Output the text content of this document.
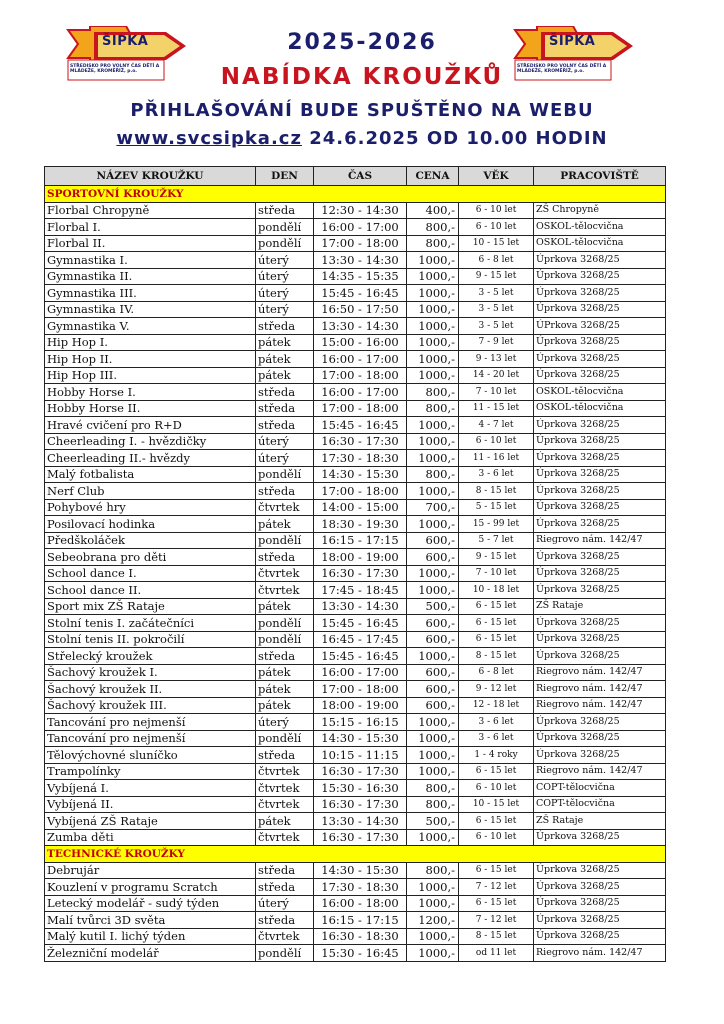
ŠIPKA
STŘEDISKO PRO VOLNÝ ČAS DĚTÍ A MLÁDEŽE, KROMĚŘÍŽ, p.o.
ŠIPKA
STŘEDISKO PRO VOLNÝ ČAS DĚTÍ A MLÁDEŽE, KROMĚŘÍŽ, p.o.
2025-2026
NABÍDKA KROUŽKŮ
PŘIHLAŠOVÁNÍ BUDE SPUŠTĚNO NA WEBU
www.svcsipka.cz 24.6.2025 OD 10.00 HODIN
NÁZEV KROUŽKU	DEN	ČAS	CENA	VĚK	PRACOVIŠTĚ
SPORTOVNÍ KROUŽKY					
Florbal Chropyně	středa	12:30 - 14:30	400,-	6 - 10 let	ZŠ Chropyně
Florbal I.	pondělí	16:00 - 17:00	800,-	6 - 10 let	OSKOL-tělocvična
Florbal II.	pondělí	17:00 - 18:00	800,-	10 - 15 let	OSKOL-tělocvična
Gymnastika I.	úterý	13:30 - 14:30	1000,-	6 - 8 let	Úprkova 3268/25
Gymnastika II.	úterý	14:35 - 15:35	1000,-	9 - 15 let	Úprkova 3268/25
Gymnastika III.	úterý	15:45 - 16:45	1000,-	3 - 5 let	Úprkova 3268/25
Gymnastika IV.	úterý	16:50 - 17:50	1000,-	3 - 5 let	Úprkova 3268/25
Gymnastika V.	středa	13:30 - 14:30	1000,-	3 - 5 let	ÚPrkova 3268/25
Hip Hop I.	pátek	15:00 - 16:00	1000,-	7 - 9 let	Úprkova 3268/25
Hip Hop II.	pátek	16:00 - 17:00	1000,-	9 - 13 let	Úprkova 3268/25
Hip Hop III.	pátek	17:00 - 18:00	1000,-	14 - 20 let	Úprkova 3268/25
Hobby Horse I.	středa	16:00 - 17:00	800,-	7 - 10 let	OSKOL-tělocvična
Hobby Horse II.	středa	17:00 - 18:00	800,-	11 - 15 let	OSKOL-tělocvična
Hravé cvičení pro R+D	středa	15:45 - 16:45	1000,-	4 - 7 let	Úprkova 3268/25
Cheerleading I. - hvězdičky	úterý	16:30 - 17:30	1000,-	6 - 10 let	Úprkova 3268/25
Cheerleading II.- hvězdy	úterý	17:30 - 18:30	1000,-	11 - 16 let	Úprkova 3268/25
Malý fotbalista	pondělí	14:30 - 15:30	800,-	3 - 6 let	Úprkova 3268/25
Nerf Club	středa	17:00 - 18:00	1000,-	8 - 15 let	Úprkova 3268/25
Pohybové hry	čtvrtek	14:00 - 15:00	700,-	5 - 15 let	Úprkova 3268/25
Posilovací hodinka	pátek	18:30 - 19:30	1000,-	15 - 99 let	Úprkova 3268/25
Předškoláček	pondělí	16:15 - 17:15	600,-	5 - 7 let	Riegrovo nám. 142/47
Sebeobrana pro děti	středa	18:00 - 19:00	600,-	9 - 15 let	Úprkova 3268/25
School dance I.	čtvrtek	16:30 - 17:30	1000,-	7 - 10 let	Úprkova 3268/25
School dance II.	čtvrtek	17:45 - 18:45	1000,-	10 - 18 let	Úprkova 3268/25
Sport mix ZŠ Rataje	pátek	13:30 - 14:30	500,-	6 - 15 let	ZŠ Rataje
Stolní tenis I. začátečníci	pondělí	15:45 - 16:45	600,-	6 - 15 let	Úprkova 3268/25
Stolní tenis II. pokročilí	pondělí	16:45 - 17:45	600,-	6 - 15 let	Úprkova 3268/25
Střelecký kroužek	středa	15:45 - 16:45	1000,-	8 - 15 let	Úprkova 3268/25
Šachový kroužek I.	pátek	16:00 - 17:00	600,-	6 - 8 let	Riegrovo nám. 142/47
Šachový kroužek II.	pátek	17:00 - 18:00	600,-	9 - 12 let	Riegrovo nám. 142/47
Šachový kroužek III.	pátek	18:00 - 19:00	600,-	12 - 18 let	Riegrovo nám. 142/47
Tancování pro nejmenší	úterý	15:15 - 16:15	1000,-	3 - 6 let	Úprkova 3268/25
Tancování pro nejmenší	pondělí	14:30 - 15:30	1000,-	3 - 6 let	Úprkova 3268/25
Tělovýchovné sluníčko	středa	10:15 - 11:15	1000,-	1 - 4 roky	Úprkova 3268/25
Trampolínky	čtvrtek	16:30 - 17:30	1000,-	6 - 15 let	Riegrovo nám. 142/47
Vybíjená I.	čtvrtek	15:30 - 16:30	800,-	6 - 10 let	COPT-tělocvična
Vybíjená II.	čtvrtek	16:30 - 17:30	800,-	10 - 15 let	COPT-tělocvična
Vybíjená ZŠ Rataje	pátek	13:30 - 14:30	500,-	6 - 15 let	ZŠ Rataje
Zumba děti	čtvrtek	16:30 - 17:30	1000,-	6 - 10 let	Úprkova 3268/25
TECHNICKÉ KROUŽKY					
Debrujár	středa	14:30 - 15:30	800,-	6 - 15 let	Úprkova 3268/25
Kouzlení v programu Scratch	středa	17:30 - 18:30	1000,-	7 - 12 let	Úprkova 3268/25
Letecký modelář - sudý týden	úterý	16:00 - 18:00	1000,-	6 - 15 let	Úprkova 3268/25
Malí tvůrci 3D světa	středa	16:15 - 17:15	1200,-	7 - 12 let	Úprkova 3268/25
Malý kutil I. lichý týden	čtvrtek	16:30 - 18:30	1000,-	8 - 15 let	Úprkova 3268/25
Železniční modelář	pondělí	15:30 - 16:45	1000,-	od 11 let	Riegrovo nám. 142/47
